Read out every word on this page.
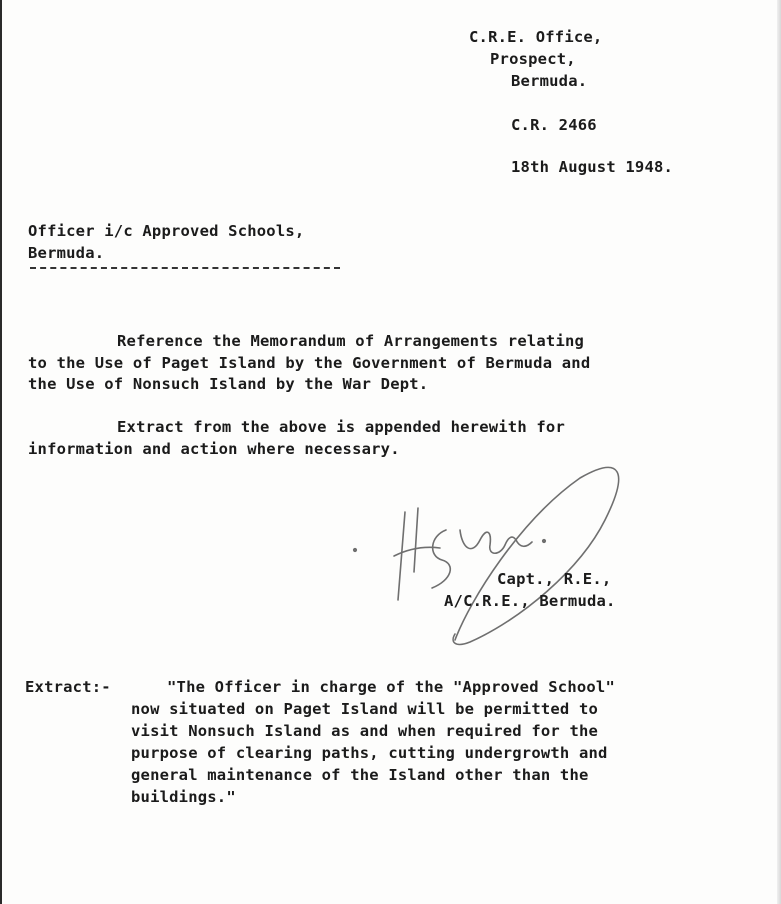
C.R.E. Office,
Prospect,
Bermuda.
C.R. 2466
18th August 1948.
Officer i/c Approved Schools,
Bermuda.
Reference the Memorandum of Arrangements relating
to the Use of Paget Island by the Government of Bermuda and
the Use of Nonsuch Island by the War Dept.
Extract from the above is appended herewith for
information and action where necessary.
Capt., R.E.,
A/C.R.E., Bermuda.
Extract:-	"The Officer in charge of the "Approved School"
now situated on Paget Island will be permitted to
visit Nonsuch Island as and when required for the
purpose of clearing paths, cutting undergrowth and
general maintenance of the Island other than the
buildings."
